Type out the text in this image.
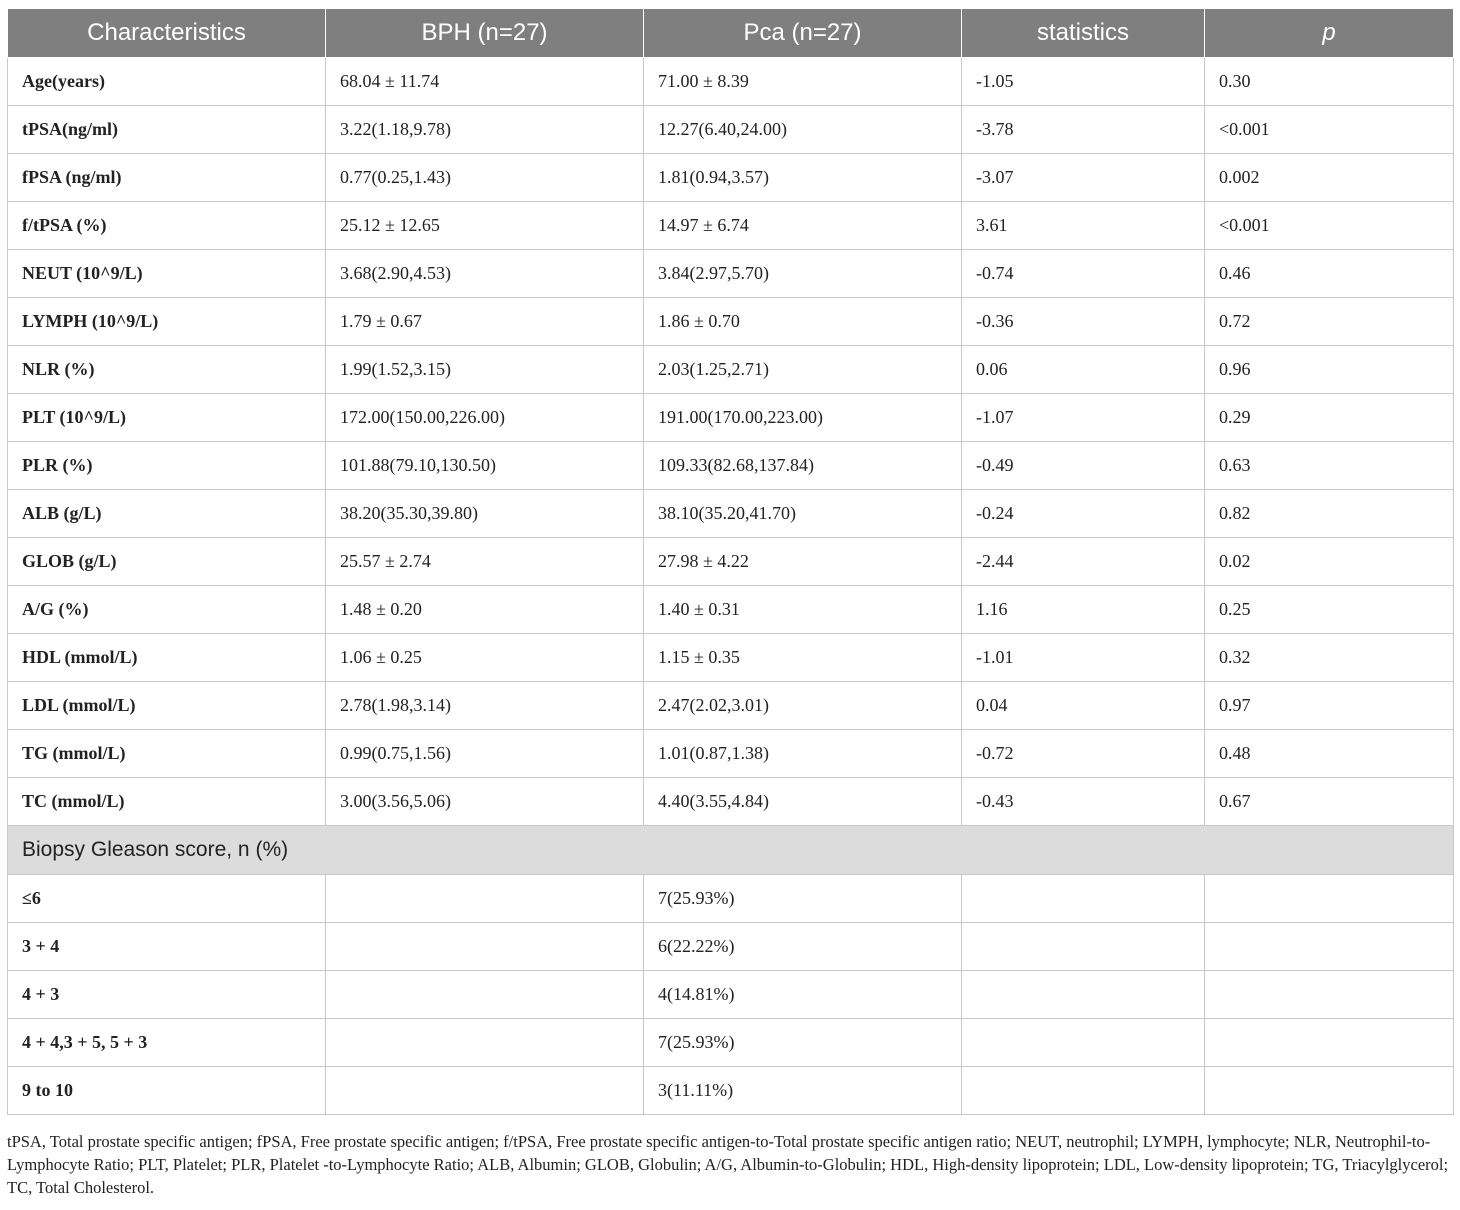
Characteristics	BPH (n=27)	Pca (n=27)	statistics	p
Age(years)	68.04 ± 11.74	71.00 ± 8.39	-1.05	0.30
tPSA(ng/ml)	3.22(1.18,9.78)	12.27(6.40,24.00)	-3.78	<0.001
fPSA (ng/ml)	0.77(0.25,1.43)	1.81(0.94,3.57)	-3.07	0.002
f/tPSA (%)	25.12 ± 12.65	14.97 ± 6.74	3.61	<0.001
NEUT (10^9/L)	3.68(2.90,4.53)	3.84(2.97,5.70)	-0.74	0.46
LYMPH (10^9/L)	1.79 ± 0.67	1.86 ± 0.70	-0.36	0.72
NLR (%)	1.99(1.52,3.15)	2.03(1.25,2.71)	0.06	0.96
PLT (10^9/L)	172.00(150.00,226.00)	191.00(170.00,223.00)	-1.07	0.29
PLR (%)	101.88(79.10,130.50)	109.33(82.68,137.84)	-0.49	0.63
ALB (g/L)	38.20(35.30,39.80)	38.10(35.20,41.70)	-0.24	0.82
GLOB (g/L)	25.57 ± 2.74	27.98 ± 4.22	-2.44	0.02
A/G (%)	1.48 ± 0.20	1.40 ± 0.31	1.16	0.25
HDL (mmol/L)	1.06 ± 0.25	1.15 ± 0.35	-1.01	0.32
LDL (mmol/L)	2.78(1.98,3.14)	2.47(2.02,3.01)	0.04	0.97
TG (mmol/L)	0.99(0.75,1.56)	1.01(0.87,1.38)	-0.72	0.48
TC (mmol/L)	3.00(3.56,5.06)	4.40(3.55,4.84)	-0.43	0.67
Biopsy Gleason score, n (%)				
≤6		7(25.93%)		
3 + 4		6(22.22%)		
4 + 3		4(14.81%)		
4 + 4,3 + 5, 5 + 3		7(25.93%)		
9 to 10		3(11.11%)		

tPSA, Total prostate specific antigen; fPSA, Free prostate specific antigen; f/tPSA, Free prostate specific antigen-to-Total prostate specific antigen ratio; NEUT, neutrophil; LYMPH, lymphocyte; NLR, Neutrophil-to-Lymphocyte Ratio; PLT, Platelet; PLR, Platelet -to-Lymphocyte Ratio; ALB, Albumin; GLOB, Globulin; A/G, Albumin-to-Globulin; HDL, High-density lipoprotein; LDL, Low-density lipoprotein; TG, Triacylglycerol; TC, Total Cholesterol.
